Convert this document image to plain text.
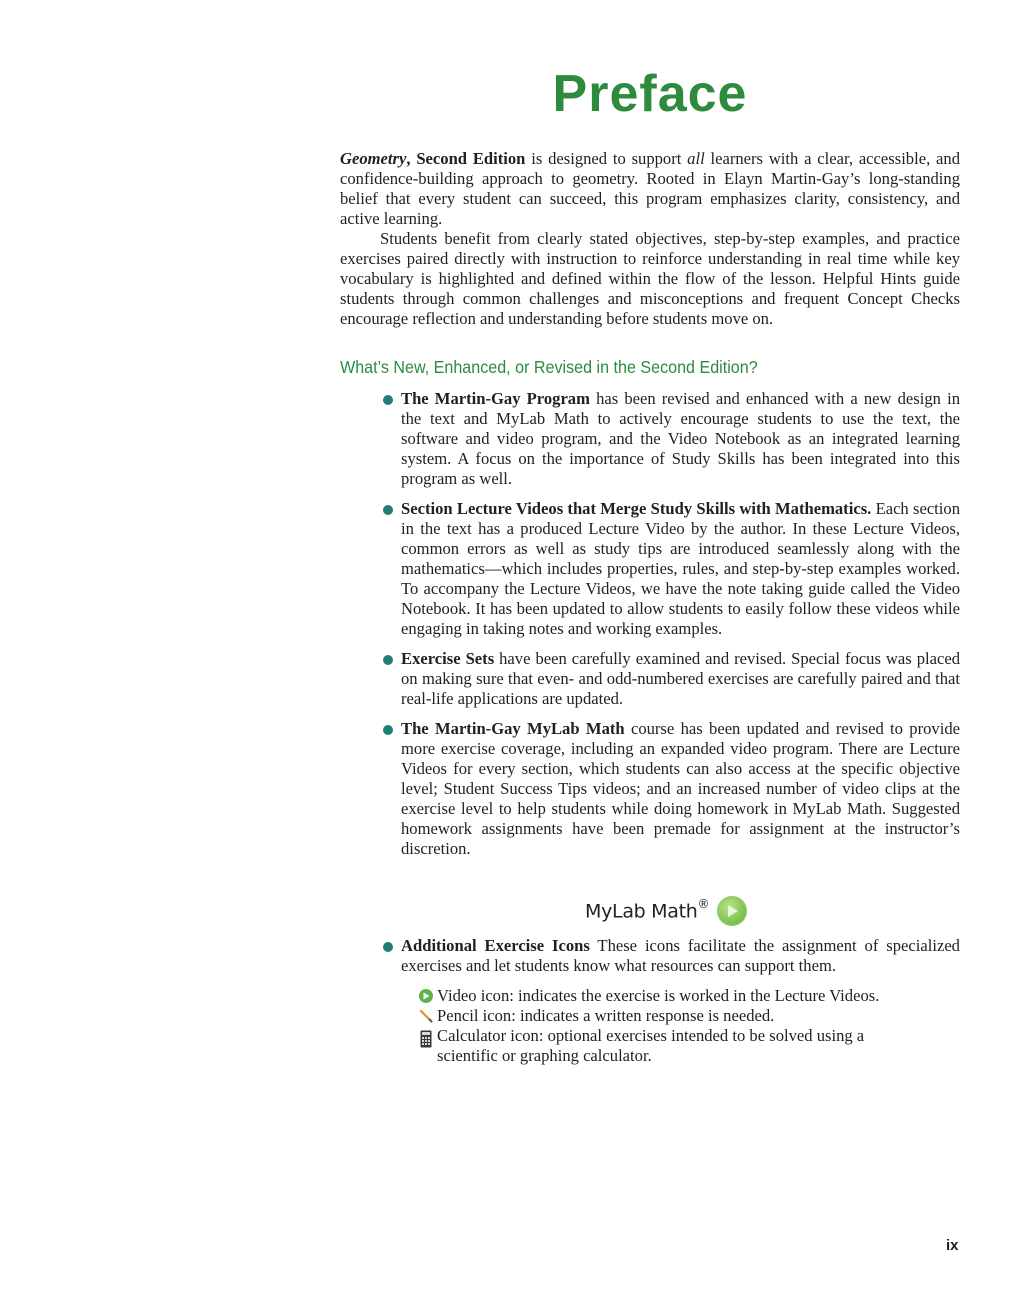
Preface

Geometry, Second Edition is designed to support all learners with a clear, accessible, and confidence-building approach to geometry. Rooted in Elayn Martin-Gay’s long-standing belief that every student can succeed, this program emphasizes clarity, consistency, and active learning.

Students benefit from clearly stated objectives, step-by-step examples, and practice exercises paired directly with instruction to reinforce understanding in real time while key vocabulary is highlighted and defined within the flow of the lesson. Helpful Hints guide students through common challenges and misconceptions and frequent Concept Checks encourage reflection and understanding before students move on.

What’s New, Enhanced, or Revised in the Second Edition?
The Martin-Gay Program has been revised and enhanced with a new design in the text and MyLab Math to actively encourage students to use the text, the software and video program, and the Video Notebook as an integrated learning system. A focus on the importance of Study Skills has been integrated into this program as well.
Section Lecture Videos that Merge Study Skills with Mathematics. Each section in the text has a produced Lecture Video by the author. In these Lecture Videos, common errors as well as study tips are introduced seamlessly along with the mathematics—which includes properties, rules, and step-by-step examples worked. To accompany the Lecture Videos, we have the note taking guide called the Video Notebook. It has been updated to allow students to easily follow these videos while engaging in taking notes and working examples.
Exercise Sets have been carefully examined and revised. Special focus was placed on making sure that even- and odd-numbered exercises are carefully paired and that real-life applications are updated.
The Martin-Gay MyLab Math course has been updated and revised to provide more exercise coverage, including an expanded video program. There are Lecture Videos for every section, which students can also access at the specific objective level; Student Success Tips videos; and an increased number of video clips at the exercise level to help students while doing homework in MyLab Math. Suggested homework assignments have been premade for assignment at the instructor’s discretion.
MyLab Math®
Additional Exercise Icons These icons facilitate the assignment of specialized exercises and let students know what resources can support them.
Video icon: indicates the exercise is worked in the Lecture Videos.
Pencil icon: indicates a written response is needed.
Calculator icon: optional exercises intended to be solved using a scientific or graphing calculator.
ix
